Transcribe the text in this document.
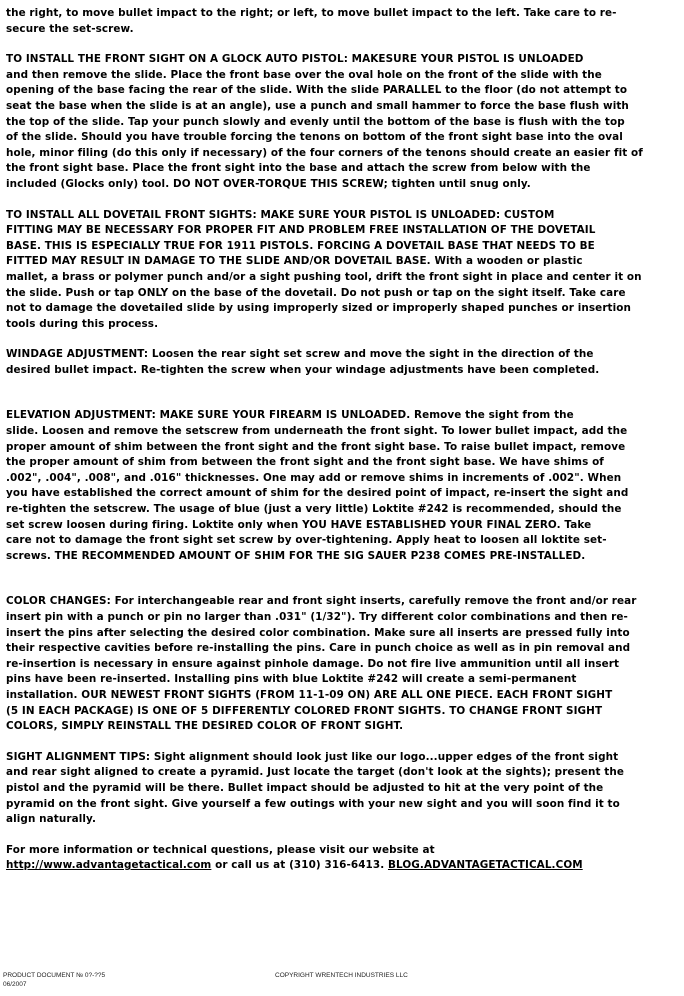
the right, to move bullet impact to the right; or left, to move bullet impact to the left. Take care to re-
secure the set-screw.
TO INSTALL THE FRONT SIGHT ON A GLOCK AUTO PISTOL: MAKESURE YOUR PISTOL IS UNLOADED
and then remove the slide. Place the front base over the oval hole on the front of the slide with the
opening of the base facing the rear of the slide. With the slide PARALLEL to the floor (do not attempt to
seat the base when the slide is at an angle), use a punch and small hammer to force the base flush with
the top of the slide. Tap your punch slowly and evenly until the bottom of the base is flush with the top
of the slide. Should you have trouble forcing the tenons on bottom of the front sight base into the oval
hole, minor filing (do this only if necessary) of the four corners of the tenons should create an easier fit of
the front sight base. Place the front sight into the base and attach the screw from below with the
included (Glocks only) tool. DO NOT OVER-TORQUE THIS SCREW; tighten until snug only.
TO INSTALL ALL DOVETAIL FRONT SIGHTS: MAKE SURE YOUR PISTOL IS UNLOADED: CUSTOM
FITTING MAY BE NECESSARY FOR PROPER FIT AND PROBLEM FREE INSTALLATION OF THE DOVETAIL
BASE. THIS IS ESPECIALLY TRUE FOR 1911 PISTOLS. FORCING A DOVETAIL BASE THAT NEEDS TO BE
FITTED MAY RESULT IN DAMAGE TO THE SLIDE AND/OR DOVETAIL BASE. With a wooden or plastic
mallet, a brass or polymer punch and/or a sight pushing tool, drift the front sight in place and center it on
the slide. Push or tap ONLY on the base of the dovetail. Do not push or tap on the sight itself. Take care
not to damage the dovetailed slide by using improperly sized or improperly shaped punches or insertion
tools during this process.
WINDAGE ADJUSTMENT: Loosen the rear sight set screw and move the sight in the direction of the
desired bullet impact. Re-tighten the screw when your windage adjustments have been completed.
ELEVATION ADJUSTMENT: MAKE SURE YOUR FIREARM IS UNLOADED. Remove the sight from the
slide. Loosen and remove the setscrew from underneath the front sight. To lower bullet impact, add the
proper amount of shim between the front sight and the front sight base. To raise bullet impact, remove
the proper amount of shim from between the front sight and the front sight base. We have shims of
.002", .004", .008", and .016" thicknesses. One may add or remove shims in increments of .002". When
you have established the correct amount of shim for the desired point of impact, re-insert the sight and
re-tighten the setscrew. The usage of blue (just a very little) Loktite #242 is recommended, should the
set screw loosen during firing. Loktite only when YOU HAVE ESTABLISHED YOUR FINAL ZERO. Take
care not to damage the front sight set screw by over-tightening. Apply heat to loosen all loktite set-
screws. THE RECOMMENDED AMOUNT OF SHIM FOR THE SIG SAUER P238 COMES PRE-INSTALLED.
COLOR CHANGES: For interchangeable rear and front sight inserts, carefully remove the front and/or rear
insert pin with a punch or pin no larger than .031" (1/32"). Try different color combinations and then re-
insert the pins after selecting the desired color combination. Make sure all inserts are pressed fully into
their respective cavities before re-installing the pins. Care in punch choice as well as in pin removal and
re-insertion is necessary in ensure against pinhole damage. Do not fire live ammunition until all insert
pins have been re-inserted. Installing pins with blue Loktite #242 will create a semi-permanent
installation. OUR NEWEST FRONT SIGHTS (FROM 11-1-09 ON) ARE ALL ONE PIECE. EACH FRONT SIGHT
(5 IN EACH PACKAGE) IS ONE OF 5 DIFFERENTLY COLORED FRONT SIGHTS. TO CHANGE FRONT SIGHT
COLORS, SIMPLY REINSTALL THE DESIRED COLOR OF FRONT SIGHT.
SIGHT ALIGNMENT TIPS: Sight alignment should look just like our logo...upper edges of the front sight
and rear sight aligned to create a pyramid. Just locate the target (don't look at the sights); present the
pistol and the pyramid will be there. Bullet impact should be adjusted to hit at the very point of the
pyramid on the front sight. Give yourself a few outings with your new sight and you will soon find it to
align naturally.
For more information or technical questions, please visit our website at
http://www.advantagetactical.com or call us at (310) 316-6413. BLOG.ADVANTAGETACTICAL.COM
PRODUCT DOCUMENT № 0?-??5
06/2007
COPYRIGHT WRENTECH INDUSTRIES LLC
